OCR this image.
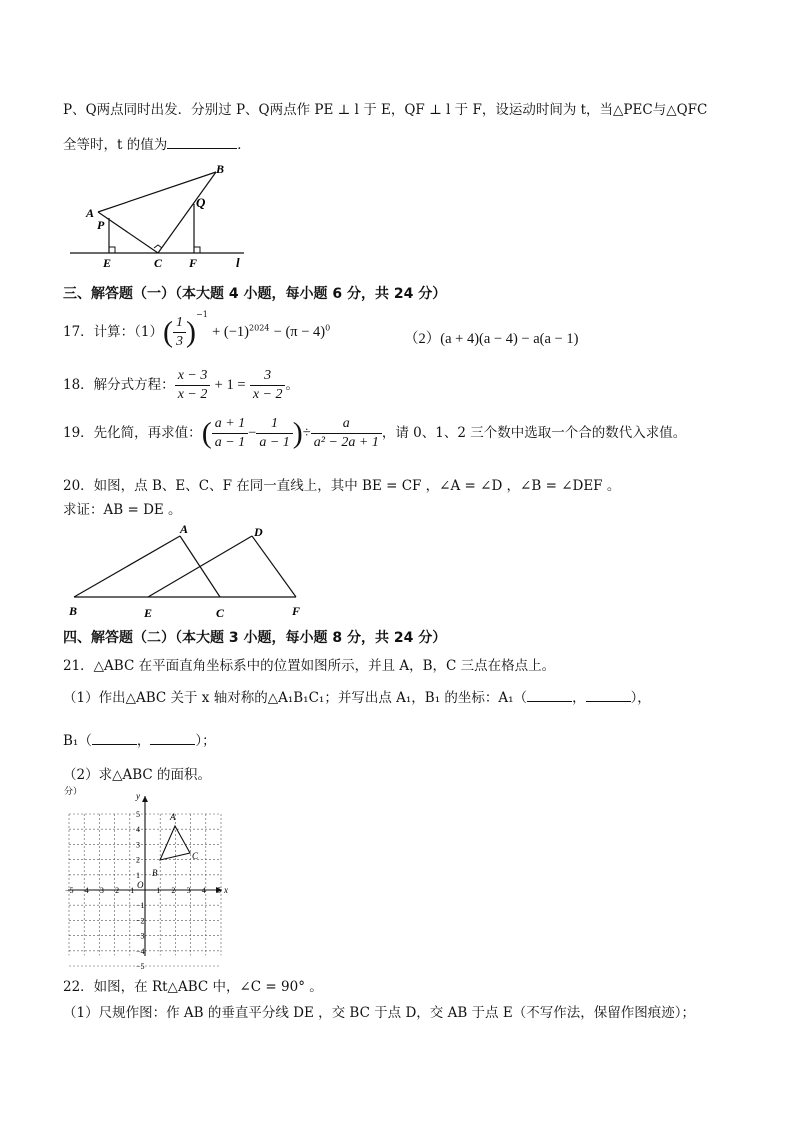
P、Q两点同时出发．分别过 P、Q两点作 PE ⊥ l 于 E，QF ⊥ l 于 F，设运动时间为 t，当△PEC与△QFC
全等时，t 的值为	．
A
B
P
Q
E	C F	l
三、解答题（一）（本大题 4 小题，每小题 6 分，共 24 分）
17．计算：$(1)( \frac{1}{3} )^{-1} + (-1)^{2024} - (\pi - 4)^0$
（2）(a + 4)(a − 4) − a(a − 1)
18．解分式方程： $\frac{x - 3}{x - 2} + 1 = \frac{3}{x - 2}$ 。
19．先化简，再求值：( $\frac{a + 1}{a - 1} - \frac{1}{a - 1}$ )÷ $\frac{a}{\text{a² − 2a + 1}}$ ，请 0、1、2 三个数中选取一个合的数代入求值。
20．如图，点 B、E、C、F 在同一直线上，其中 BE = CF ，∠A = ∠D ，∠B = ∠DEF 。
求证：AB = DE 。
A	D
B	E	C	F
四、解答题（二）（本大题 3 小题，每小题 8 分，共 24 分）
21．△ABC 在平面直角坐标系中的位置如图所示，并且 A，B，C 三点在格点上。
（1）作出△ABC 关于 x 轴对称的△A₁B₁C₁；并写出点 A₁，B₁ 的坐标：A₁（	，	），
B₁（	，	）；
（2）求△ABC 的面积。
分）
x
y
O
−5 −4 −3 −2 −1	1 2 3 4 5
5
4
3
2
1
−1
−2
−3
−4
−5
A
B
C
22．如图，在 Rt△ABC 中，∠C = 90° 。
（1）尺规作图：作 AB 的垂直平分线 DE ，交 BC 于点 D，交 AB 于点 E（不写作法，保留作图痕迹）；
